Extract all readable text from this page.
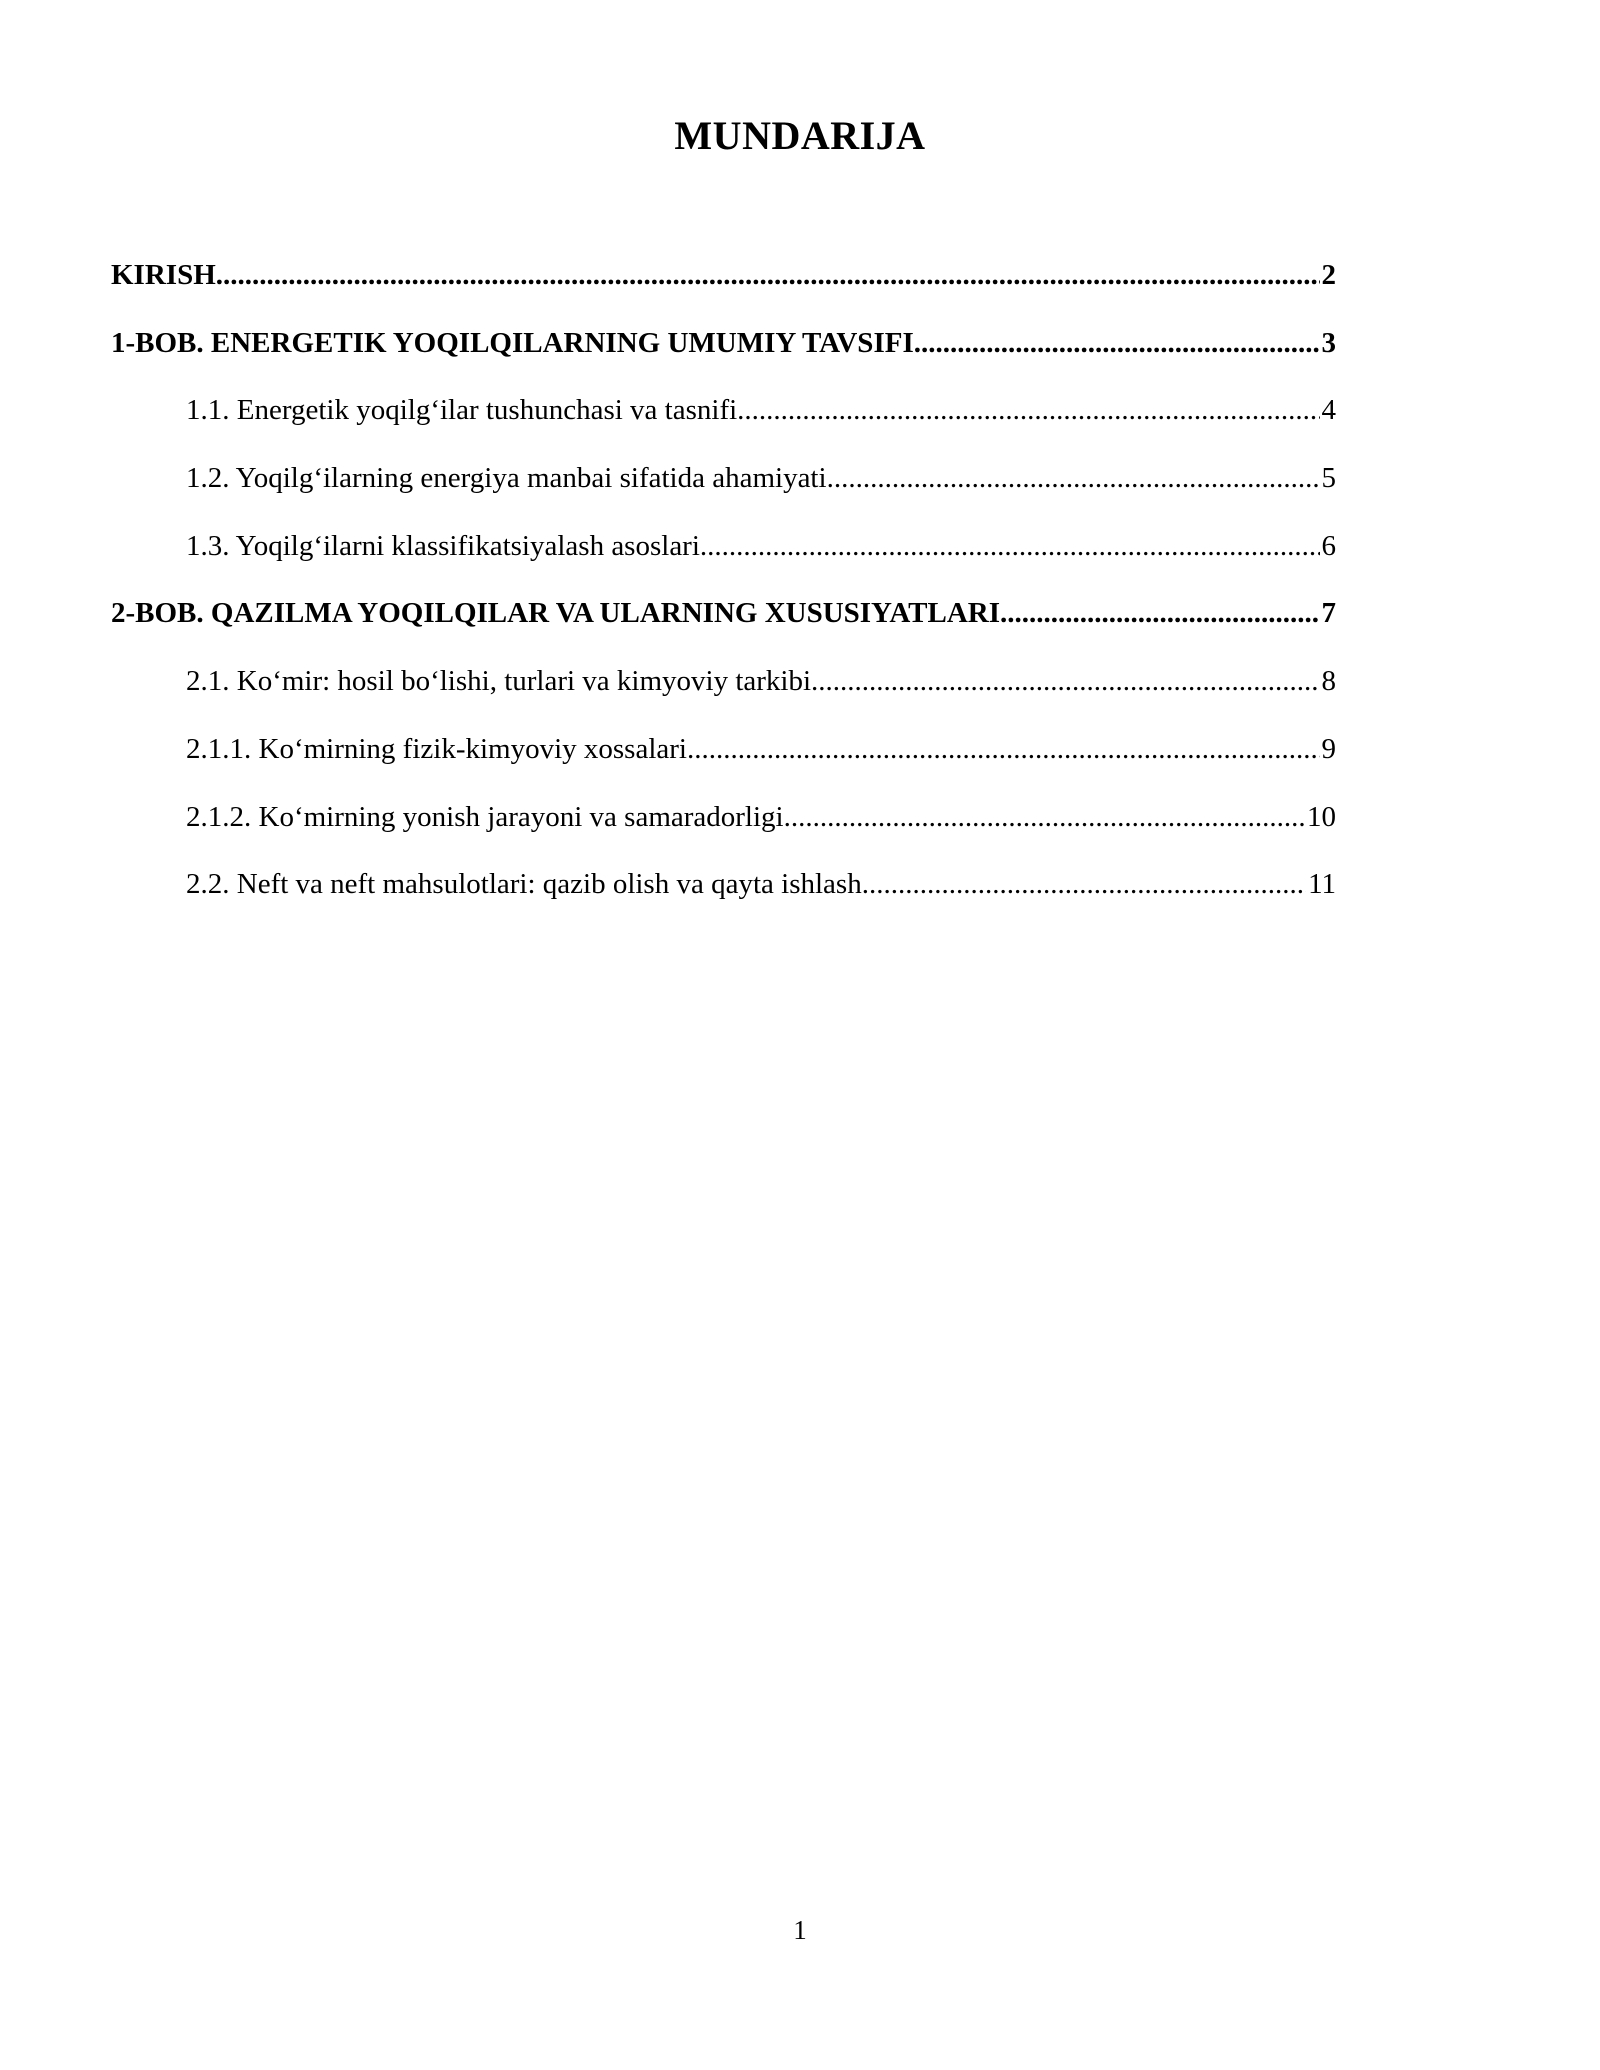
MUNDARIJA
KIRISH .....	2
1-BOB. ENERGETIK YOQILQILARNING UMUMIY TAVSIFI .....	3
1.1. Energetik yoqilg‘ilar tushunchasi va tasnifi .....	4
1.2. Yoqilg‘ilarning energiya manbai sifatida ahamiyati .....	5
1.3. Yoqilg‘ilarni klassifikatsiyalash asoslari .....	6
2-BOB. QAZILMA YOQILQILAR VA ULARNING XUSUSIYATLARI .....	7
2.1. Ko‘mir: hosil bo‘lishi, turlari va kimyoviy tarkibi .....	8
2.1.1. Ko‘mirning fizik-kimyoviy xossalari .....	9
2.1.2. Ko‘mirning yonish jarayoni va samaradorligi .....	10
2.2. Neft va neft mahsulotlari: qazib olish va qayta ishlash .....	11
1
